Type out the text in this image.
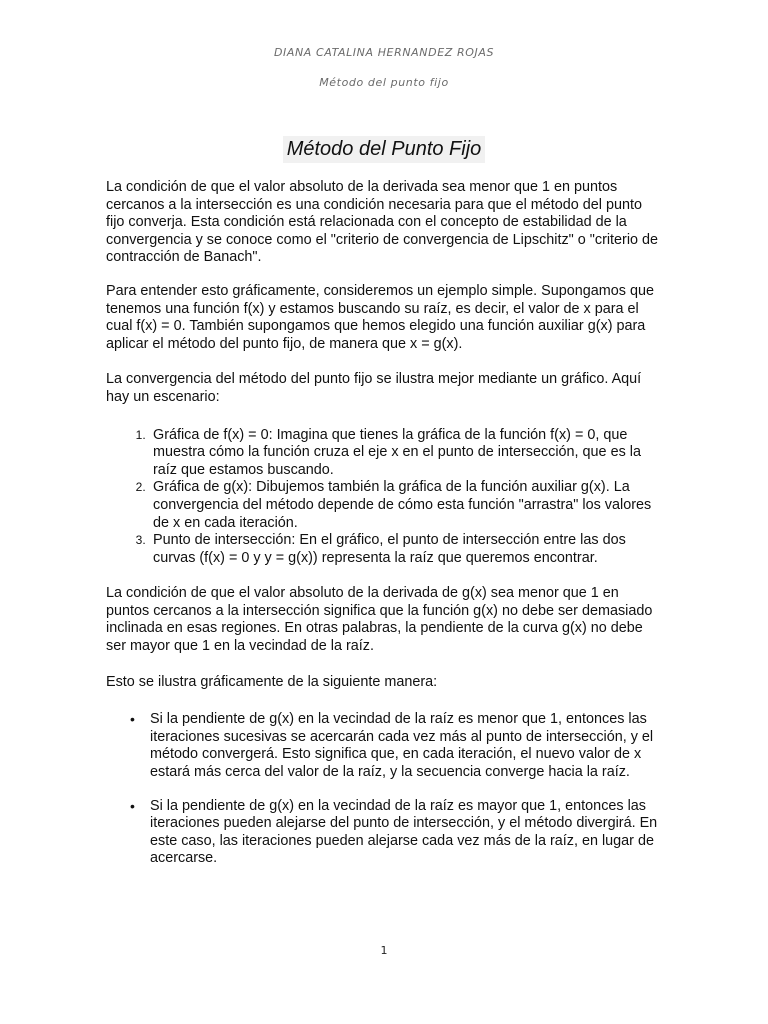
DIANA CATALINA HERNANDEZ ROJAS
Método del punto fijo
Método del Punto Fijo

La condición de que el valor absoluto de la derivada sea menor que 1 en puntos cercanos a la intersección es una condición necesaria para que el método del punto fijo converja. Esta condición está relacionada con el concepto de estabilidad de la convergencia y se conoce como el "criterio de convergencia de Lipschitz" o "criterio de contracción de Banach".

Para entender esto gráficamente, consideremos un ejemplo simple. Supongamos que tenemos una función f(x) y estamos buscando su raíz, es decir, el valor de x para el cual f(x) = 0. También supongamos que hemos elegido una función auxiliar g(x) para aplicar el método del punto fijo, de manera que x = g(x).

La convergencia del método del punto fijo se ilustra mejor mediante un gráfico. Aquí hay un escenario:

1. Gráfica de f(x) = 0: Imagina que tienes la gráfica de la función f(x) = 0, que muestra cómo la función cruza el eje x en el punto de intersección, que es la raíz que estamos buscando.
2. Gráfica de g(x): Dibujemos también la gráfica de la función auxiliar g(x). La convergencia del método depende de cómo esta función "arrastra" los valores de x en cada iteración.
3. Punto de intersección: En el gráfico, el punto de intersección entre las dos curvas (f(x) = 0 y y = g(x)) representa la raíz que queremos encontrar.

La condición de que el valor absoluto de la derivada de g(x) sea menor que 1 en puntos cercanos a la intersección significa que la función g(x) no debe ser demasiado inclinada en esas regiones. En otras palabras, la pendiente de la curva g(x) no debe ser mayor que 1 en la vecindad de la raíz.

Esto se ilustra gráficamente de la siguiente manera:

• Si la pendiente de g(x) en la vecindad de la raíz es menor que 1, entonces las iteraciones sucesivas se acercarán cada vez más al punto de intersección, y el método convergerá. Esto significa que, en cada iteración, el nuevo valor de x estará más cerca del valor de la raíz, y la secuencia converge hacia la raíz.
• Si la pendiente de g(x) en la vecindad de la raíz es mayor que 1, entonces las iteraciones pueden alejarse del punto de intersección, y el método divergirá. En este caso, las iteraciones pueden alejarse cada vez más de la raíz, en lugar de acercarse.
1
